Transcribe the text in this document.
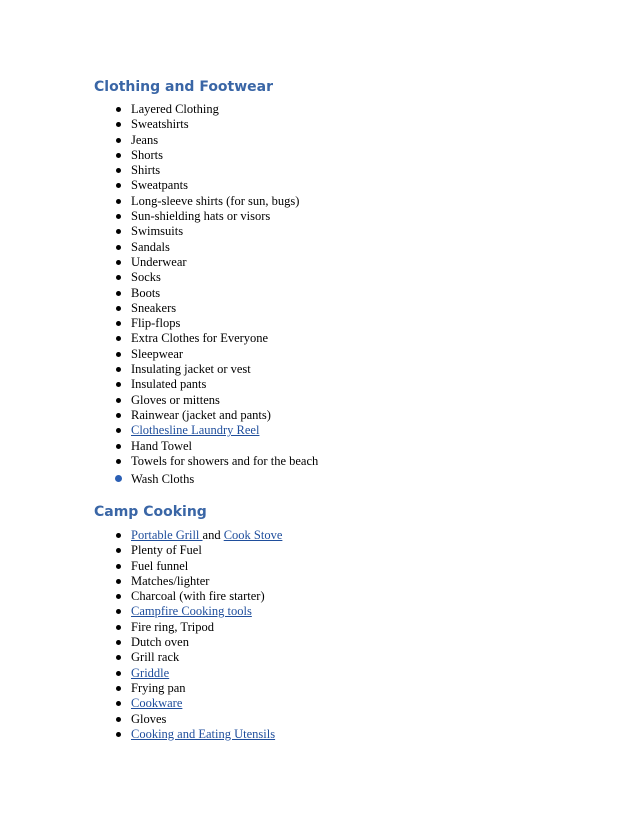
Clothing and Footwear
Layered Clothing
Sweatshirts
Jeans
Shorts
Shirts
Sweatpants
Long-sleeve shirts (for sun, bugs)
Sun-shielding hats or visors
Swimsuits
Sandals
Underwear
Socks
Boots
Sneakers
Flip-flops
Extra Clothes for Everyone
Sleepwear
Insulating jacket or vest
Insulated pants
Gloves or mittens
Rainwear (jacket and pants)
Clothesline Laundry Reel
Hand Towel
Towels for showers and for the beach
Wash Cloths
Camp Cooking
Portable Grill and Cook Stove
Plenty of Fuel
Fuel funnel
Matches/lighter
Charcoal (with fire starter)
Campfire Cooking tools
Fire ring, Tripod
Dutch oven
Grill rack
Griddle
Frying pan
Cookware
Gloves
Cooking and Eating Utensils
